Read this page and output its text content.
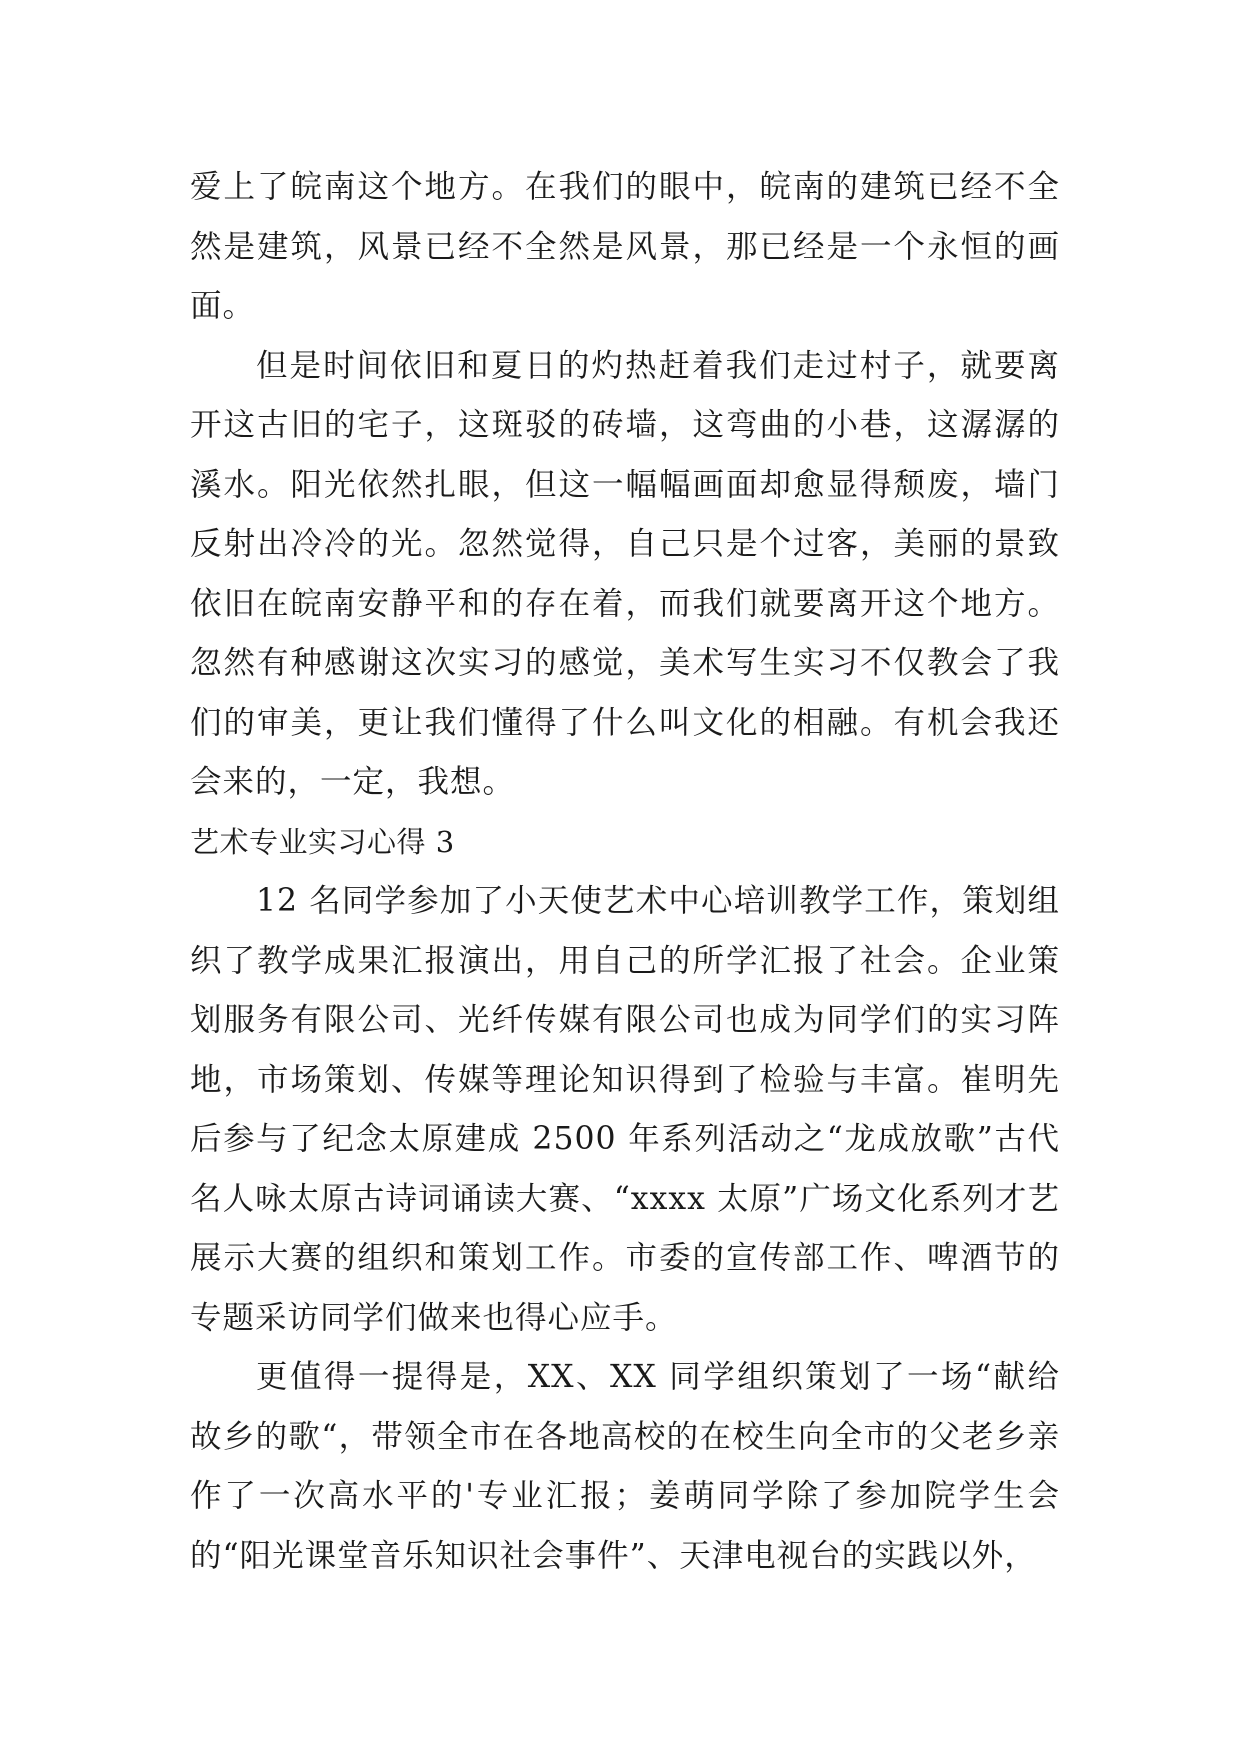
爱上了皖南这个地方。在我们的眼中，皖南的建筑已经不全然是建筑，风景已经不全然是风景，那已经是一个永恒的画面。

但是时间依旧和夏日的灼热赶着我们走过村子，就要离开这古旧的宅子，这斑驳的砖墙，这弯曲的小巷，这潺潺的溪水。阳光依然扎眼，但这一幅幅画面却愈显得颓废，墙门反射出冷冷的光。忽然觉得，自己只是个过客，美丽的景致依旧在皖南安静平和的存在着，而我们就要离开这个地方。忽然有种感谢这次实习的感觉，美术写生实习不仅教会了我们的审美，更让我们懂得了什么叫文化的相融。有机会我还会来的，一定，我想。

艺术专业实习心得 3

12 名同学参加了小天使艺术中心培训教学工作，策划组织了教学成果汇报演出，用自己的所学汇报了社会。企业策划服务有限公司、光纤传媒有限公司也成为同学们的实习阵地，市场策划、传媒等理论知识得到了检验与丰富。崔明先后参与了纪念太原建成 2500 年系列活动之“龙成放歌”古代名人咏太原古诗词诵读大赛、“xxxx 太原”广场文化系列才艺展示大赛的组织和策划工作。市委的宣传部工作、啤酒节的专题采访同学们做来也得心应手。

更值得一提得是，XX、XX 同学组织策划了一场“献给故乡的歌“，带领全市在各地高校的在校生向全市的父老乡亲作了一次高水平的'专业汇报；姜萌同学除了参加院学生会的“阳光课堂音乐知识社会事件”、天津电视台的实践以外，
